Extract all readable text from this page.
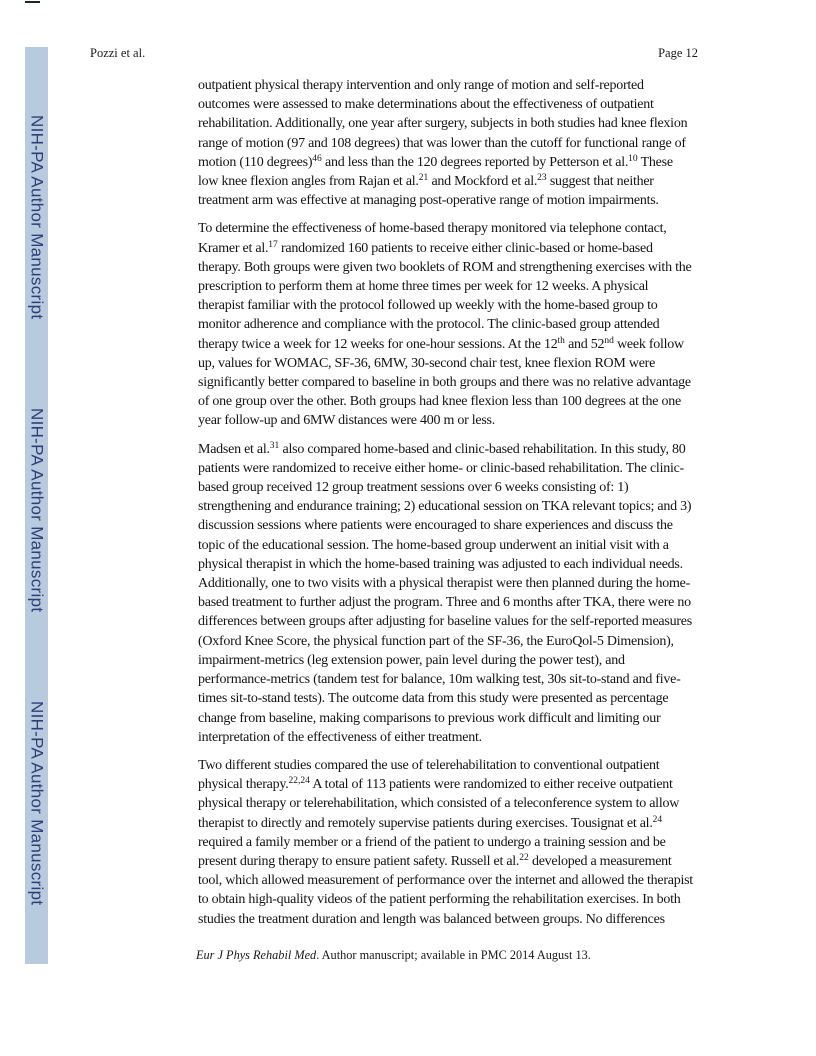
NIH-PA Author Manuscript
NIH-PA Author Manuscript
NIH-PA Author Manuscript
Pozzi et al.	Page 12
outpatient physical therapy intervention and only range of motion and self-reported
outcomes were assessed to make determinations about the effectiveness of outpatient
rehabilitation. Additionally, one year after surgery, subjects in both studies had knee flexion
range of motion (97 and 108 degrees) that was lower than the cutoff for functional range of
motion (110 degrees)$^{46}$ and less than the 120 degrees reported by Petterson et al.$^{10}$ These
low knee flexion angles from Rajan et al.$^{21}$ and Mockford et al.$^{23}$ suggest that neither
treatment arm was effective at managing post-operative range of motion impairments.
To determine the effectiveness of home-based therapy monitored via telephone contact,
Kramer et al.$^{17}$ randomized 160 patients to receive either clinic-based or home-based
therapy. Both groups were given two booklets of ROM and strengthening exercises with the
prescription to perform them at home three times per week for 12 weeks. A physical
therapist familiar with the protocol followed up weekly with the home-based group to
monitor adherence and compliance with the protocol. The clinic-based group attended
therapy twice a week for 12 weeks for one-hour sessions. At the 12th and 52nd week follow
up, values for WOMAC, SF-36, 6MW, 30-second chair test, knee flexion ROM were
significantly better compared to baseline in both groups and there was no relative advantage
of one group over the other. Both groups had knee flexion less than 100 degrees at the one
year follow-up and 6MW distances were 400 m or less.
Madsen et al.$^{31}$ also compared home-based and clinic-based rehabilitation. In this study, 80
patients were randomized to receive either home- or clinic-based rehabilitation. The clinic-
based group received 12 group treatment sessions over 6 weeks consisting of: 1)
strengthening and endurance training; 2) educational session on TKA relevant topics; and 3)
discussion sessions where patients were encouraged to share experiences and discuss the
topic of the educational session. The home-based group underwent an initial visit with a
physical therapist in which the home-based training was adjusted to each individual needs.
Additionally, one to two visits with a physical therapist were then planned during the home-
based treatment to further adjust the program. Three and 6 months after TKA, there were no
differences between groups after adjusting for baseline values for the self-reported measures
(Oxford Knee Score, the physical function part of the SF-36, the EuroQol-5 Dimension),
impairment-metrics (leg extension power, pain level during the power test), and
performance-metrics (tandem test for balance, 10m walking test, 30s sit-to-stand and five-
times sit-to-stand tests). The outcome data from this study were presented as percentage
change from baseline, making comparisons to previous work difficult and limiting our
interpretation of the effectiveness of either treatment.
Two different studies compared the use of telerehabilitation to conventional outpatient
physical therapy.$^{22,24}$ A total of 113 patients were randomized to either receive outpatient
physical therapy or telerehabilitation, which consisted of a teleconference system to allow
therapist to directly and remotely supervise patients during exercises. Tousignat et al.$^{24}$
required a family member or a friend of the patient to undergo a training session and be
present during therapy to ensure patient safety. Russell et al.$^{22}$ developed a measurement
tool, which allowed measurement of performance over the internet and allowed the therapist
to obtain high-quality videos of the patient performing the rehabilitation exercises. In both
studies the treatment duration and length was balanced between groups. No differences
Eur J Phys Rehabil Med. Author manuscript; available in PMC 2014 August 13.
